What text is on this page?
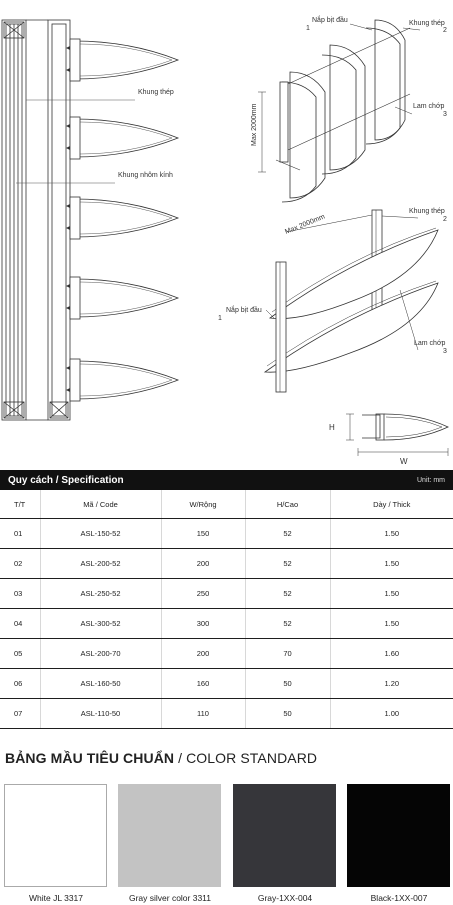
Khung thép
Khung nhôm kính
Nắp bịt đầu
1
Khung thép
2
Max 2000mm	Lam chớp
3
Max 2000mm
Khung thép
2
Nắp bịt đầu
1
Lam chớp
3
H
W
Quy cách / Specification	Unit: mm
T/T	Mã / Code	W/Rộng	H/Cao	Dày / Thick
01	ASL-150-52	150	52	1.50
02	ASL-200-52	200	52	1.50
03	ASL-250-52	250	52	1.50
04	ASL-300-52	300	52	1.50
05	ASL-200-70	200	70	1.60
06	ASL-160-50	160	50	1.20
07	ASL-110-50	110	50	1.00
BẢNG MẦU TIÊU CHUẨN / COLOR STANDARD
White JL 3317	Gray silver color 3311	Gray-1XX-004	Black-1XX-007
